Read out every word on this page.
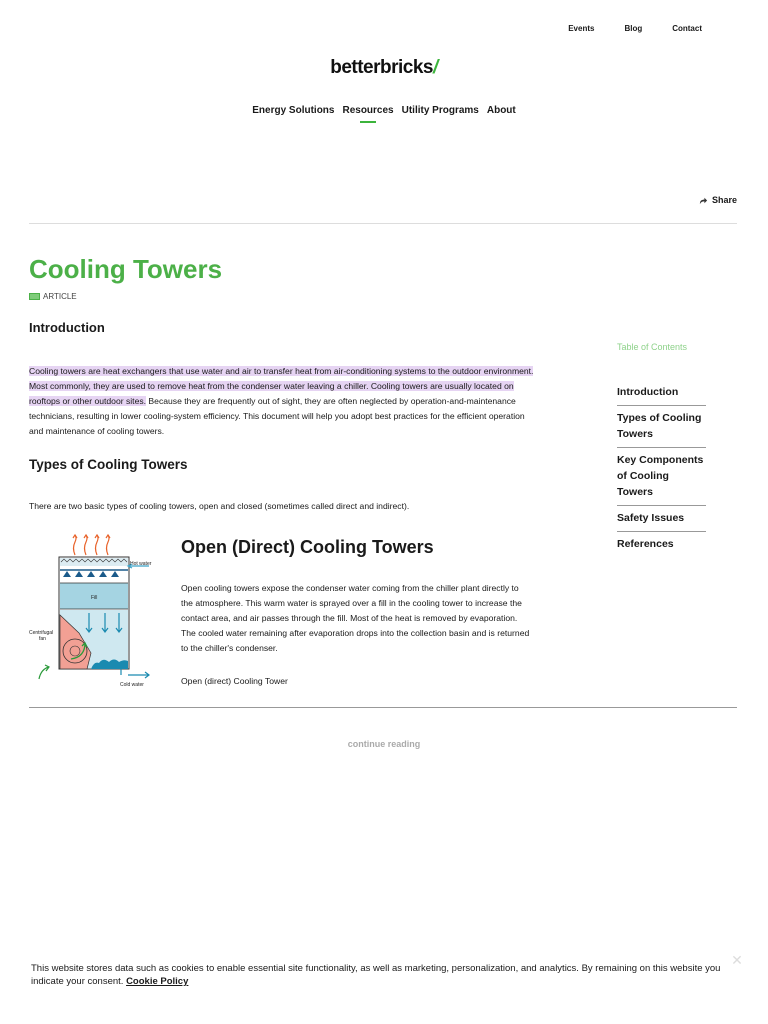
Events	Blog	Contact
betterbricks/
Energy Solutions Resources Utility Programs About
Share
Cooling Towers
ARTICLE
Introduction

Cooling towers are heat exchangers that use water and air to transfer heat from air-conditioning systems to the outdoor environment. Most commonly, they are used to remove heat from the condenser water leaving a chiller. Cooling towers are usually located on rooftops or other outdoor sites. Because they are frequently out of sight, they are often neglected by operation-and-maintenance technicians, resulting in lower cooling-system efficiency. This document will help you adopt best practices for the efficient operation and maintenance of cooling towers.

Types of Cooling Towers

There are two basic types of cooling towers, open and closed (sometimes called direct and indirect).

Hot water
Fill
Centrifugal
fan
Cold water
Open (Direct) Cooling Towers

Open cooling towers expose the condenser water coming from the chiller plant directly to the atmosphere. This warm water is sprayed over a fill in the cooling tower to increase the contact area, and air passes through the fill. Most of the heat is removed by evaporation. The cooled water remaining after evaporation drops into the collection basin and is returned to the chiller's condenser.

Open (direct) Cooling Tower

continue reading
Table of Contents
Introduction
Types of Cooling Towers
Key Components of Cooling Towers
Safety Issues
References
This website stores data such as cookies to enable essential site functionality, as well as marketing, personalization, and analytics. By remaining on this website you indicate your consent. Cookie Policy
✕
